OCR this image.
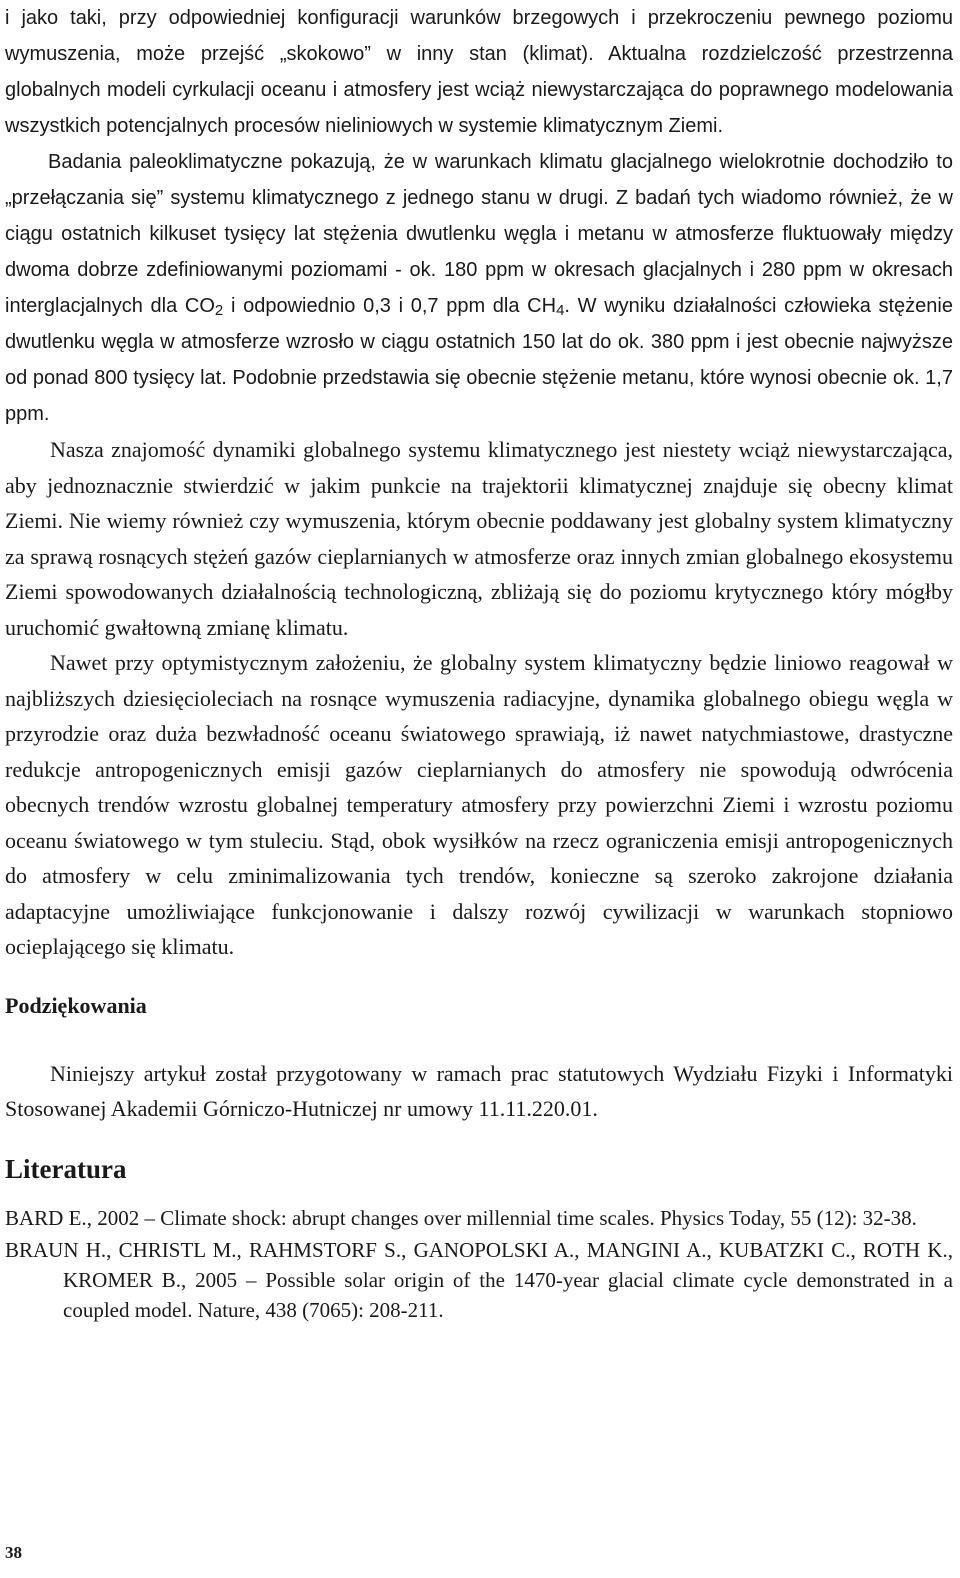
i jako taki, przy odpowiedniej konfiguracji warunków brzegowych i przekroczeniu pewnego poziomu wymuszenia, może przejść „skokowo” w inny stan (klimat). Aktualna rozdzielczość przestrzenna globalnych modeli cyrkulacji oceanu i atmosfery jest wciąż niewystarczająca do poprawnego modelowania wszystkich potencjalnych procesów nieliniowych w systemie klimatycznym Ziemi.

Badania paleoklimatyczne pokazują, że w warunkach klimatu glacjalnego wielokrotnie dochodziło to „przełączania się” systemu klimatycznego z jednego stanu w drugi. Z badań tych wiadomo również, że w ciągu ostatnich kilkuset tysięcy lat stężenia dwutlenku węgla i metanu w atmosferze fluktuowały między dwoma dobrze zdefiniowanymi poziomami - ok. 180 ppm w okresach glacjalnych i 280 ppm w okresach interglacjalnych dla $CO_2$ i odpowiednio 0,3 i 0,7 ppm dla $CH_4$. W wyniku działalności człowieka stężenie dwutlenku węgla w atmosferze wzrosło w ciągu ostatnich 150 lat do ok. 380 ppm i jest obecnie najwyższe od ponad 800 tysięcy lat. Podobnie przedstawia się obecnie stężenie metanu, które wynosi obecnie ok. 1,7 ppm.

Nasza znajomość dynamiki globalnego systemu klimatycznego jest niestety wciąż niewystarczająca, aby jednoznacznie stwierdzić w jakim punkcie na trajektorii klimatycznej znajduje się obecny klimat Ziemi. Nie wiemy również czy wymuszenia, którym obecnie poddawany jest globalny system klimatyczny za sprawą rosnących stężeń gazów cieplarnianych w atmosferze oraz innych zmian globalnego ekosystemu Ziemi spowodowanych działalnością technologiczną, zbliżają się do poziomu krytycznego który mógłby uruchomić gwałtowną zmianę klimatu.

Nawet przy optymistycznym założeniu, że globalny system klimatyczny będzie liniowo reagował w najbliższych dziesięcioleciach na rosnące wymuszenia radiacyjne, dynamika globalnego obiegu węgla w przyrodzie oraz duża bezwładność oceanu światowego sprawiają, iż nawet natychmiastowe, drastyczne redukcje antropogenicznych emisji gazów cieplarnianych do atmosfery nie spowodują odwrócenia obecnych trendów wzrostu globalnej temperatury atmosfery przy powierzchni Ziemi i wzrostu poziomu oceanu światowego w tym stuleciu. Stąd, obok wysiłków na rzecz ograniczenia emisji antropogenicznych do atmosfery w celu zminimalizowania tych trendów, konieczne są szeroko zakrojone działania adaptacyjne umożliwiające funkcjonowanie i dalszy rozwój cywilizacji w warunkach stopniowo ocieplającego się klimatu.

Podziękowania

Niniejszy artykuł został przygotowany w ramach prac statutowych Wydziału Fizyki i Informatyki Stosowanej Akademii Górniczo-Hutniczej nr umowy 11.11.220.01.

Literatura

BARD E., 2002 – Climate shock: abrupt changes over millennial time scales. Physics Today, 55 (12): 32-38.

BRAUN H., CHRISTL M., RAHMSTORF S., GANOPOLSKI A., MANGINI A., KUBATZKI C., ROTH K., KROMER B., 2005 – Possible solar origin of the 1470-year glacial climate cycle demonstrated in a coupled model. Nature, 438 (7065): 208-211.

38
